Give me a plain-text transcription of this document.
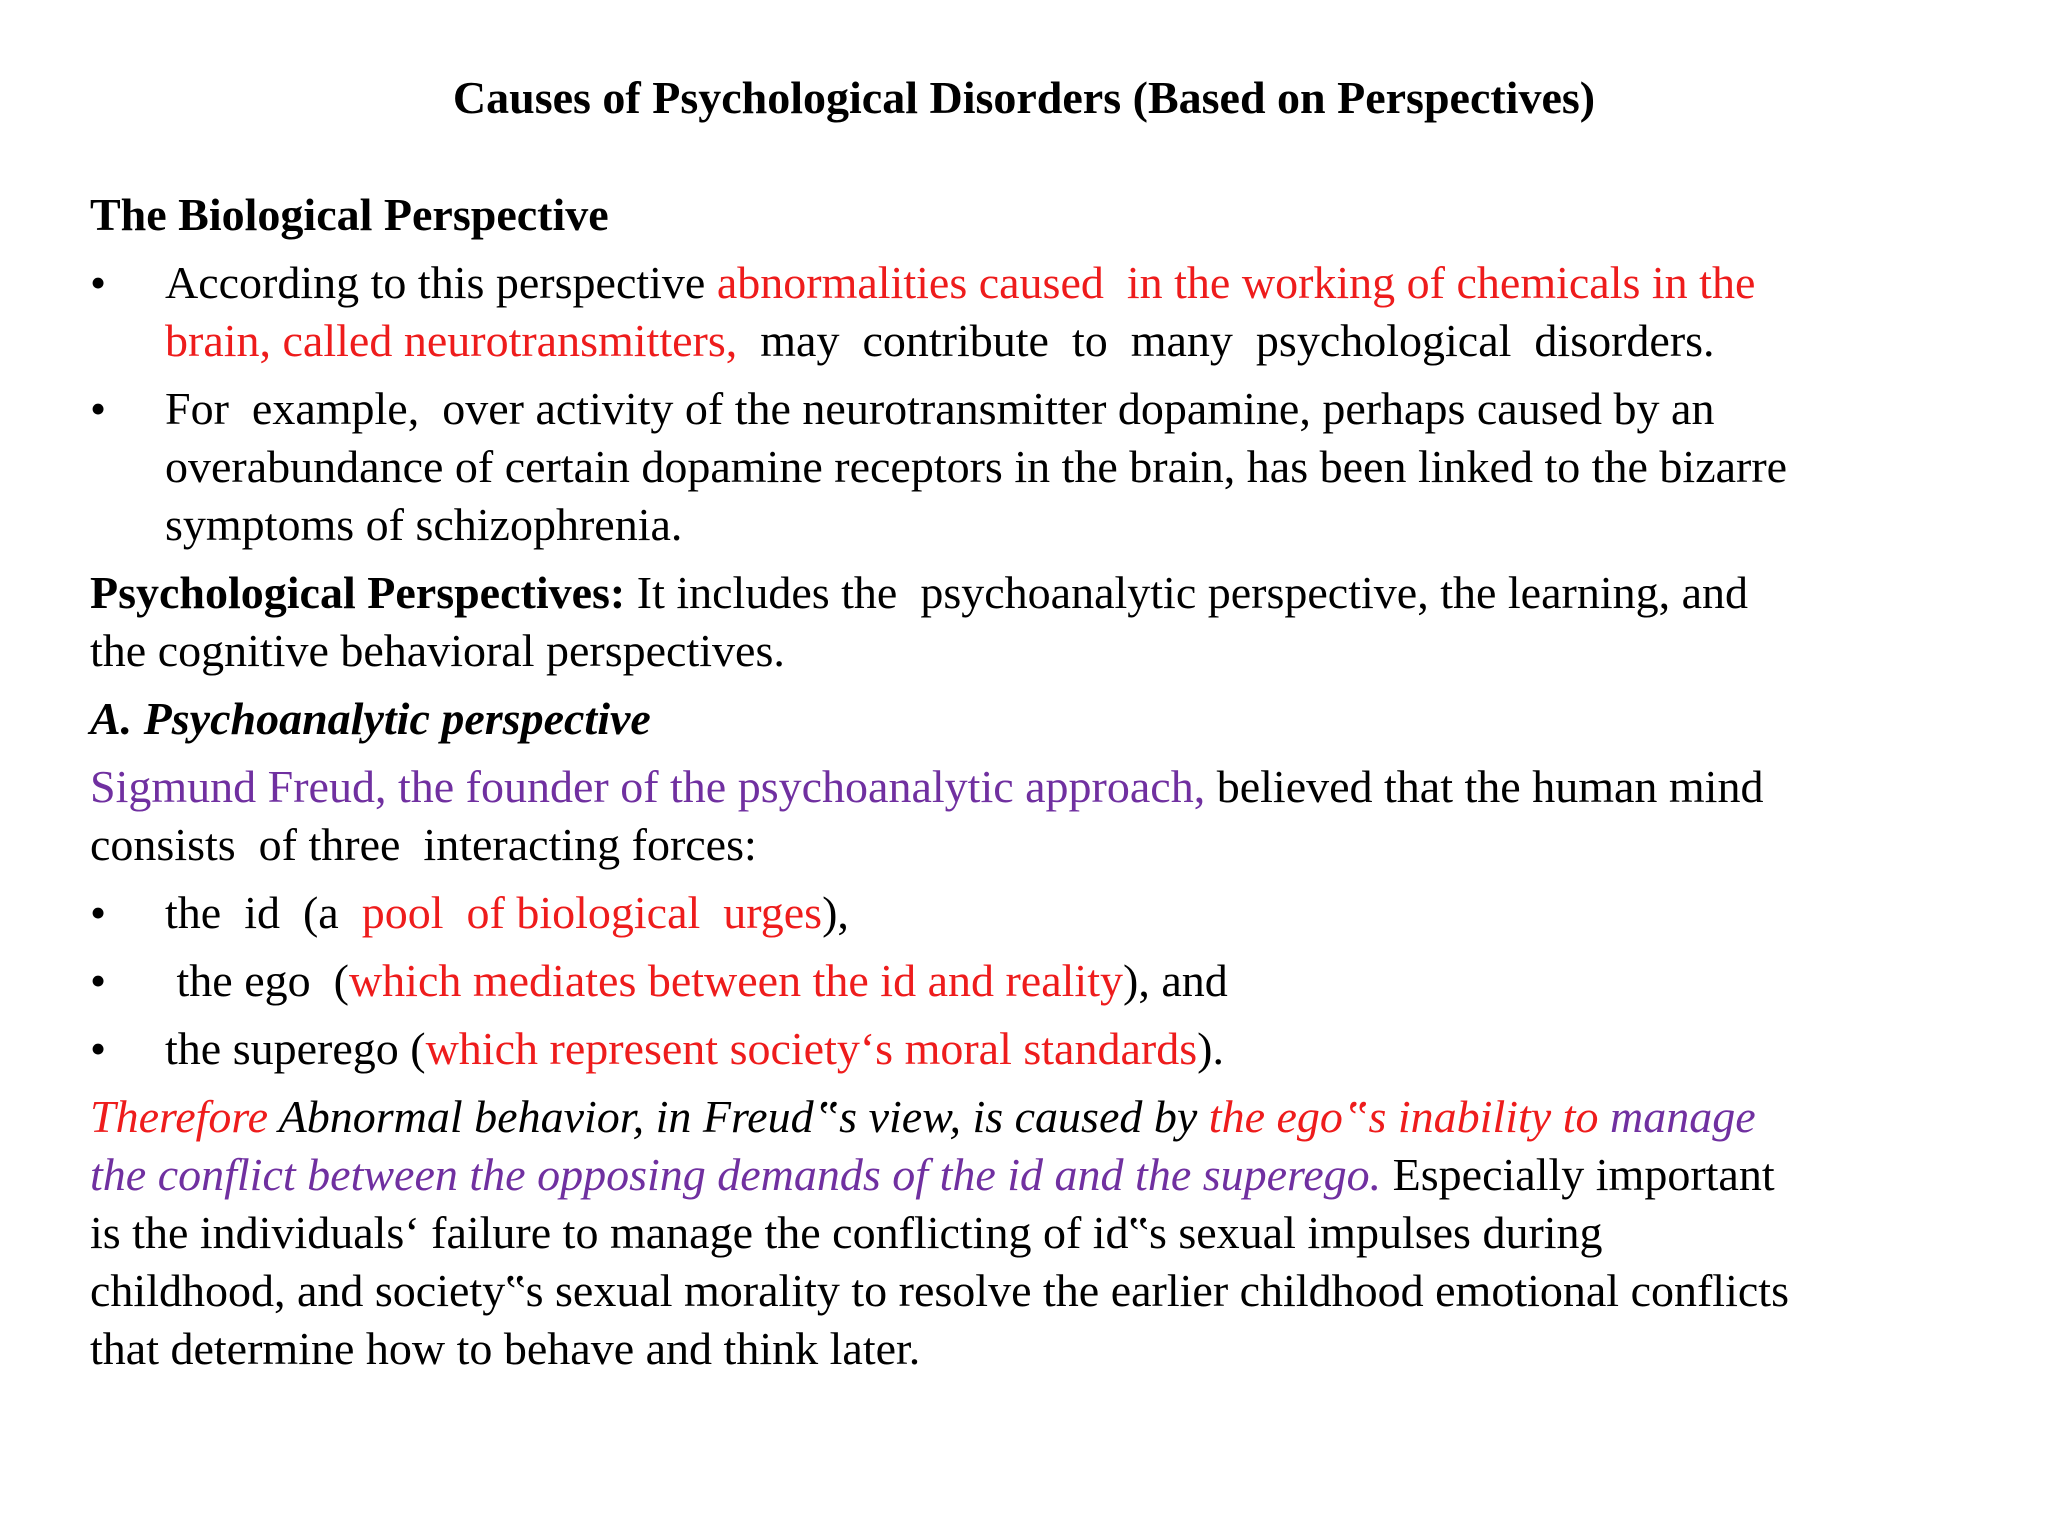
Causes of Psychological Disorders (Based on Perspectives)
The Biological Perspective
• According to this perspective abnormalities caused  in the working of chemicals in the
brain, called neurotransmitters,  may  contribute  to  many  psychological  disorders.
• For  example,  over activity of the neurotransmitter dopamine, perhaps caused by an
overabundance of certain dopamine receptors in the brain, has been linked to the bizarre
symptoms of schizophrenia.
Psychological Perspectives: It includes the  psychoanalytic perspective, the learning, and
the cognitive behavioral perspectives.
A. Psychoanalytic perspective
Sigmund Freud, the founder of the psychoanalytic approach, believed that the human mind
consists  of three  interacting forces:
• the  id  (a  pool  of biological  urges),
• the ego  (which mediates between the id and reality), and
• the superego (which represent society‘s moral standards).
Therefore Abnormal behavior, in Freud‟s view, is caused by the ego‟s inability to manage
the conflict between the opposing demands of the id and the superego. Especially important
is the individuals‘ failure to manage the conflicting of id‟s sexual impulses during
childhood, and society‟s sexual morality to resolve the earlier childhood emotional conflicts
that determine how to behave and think later.
